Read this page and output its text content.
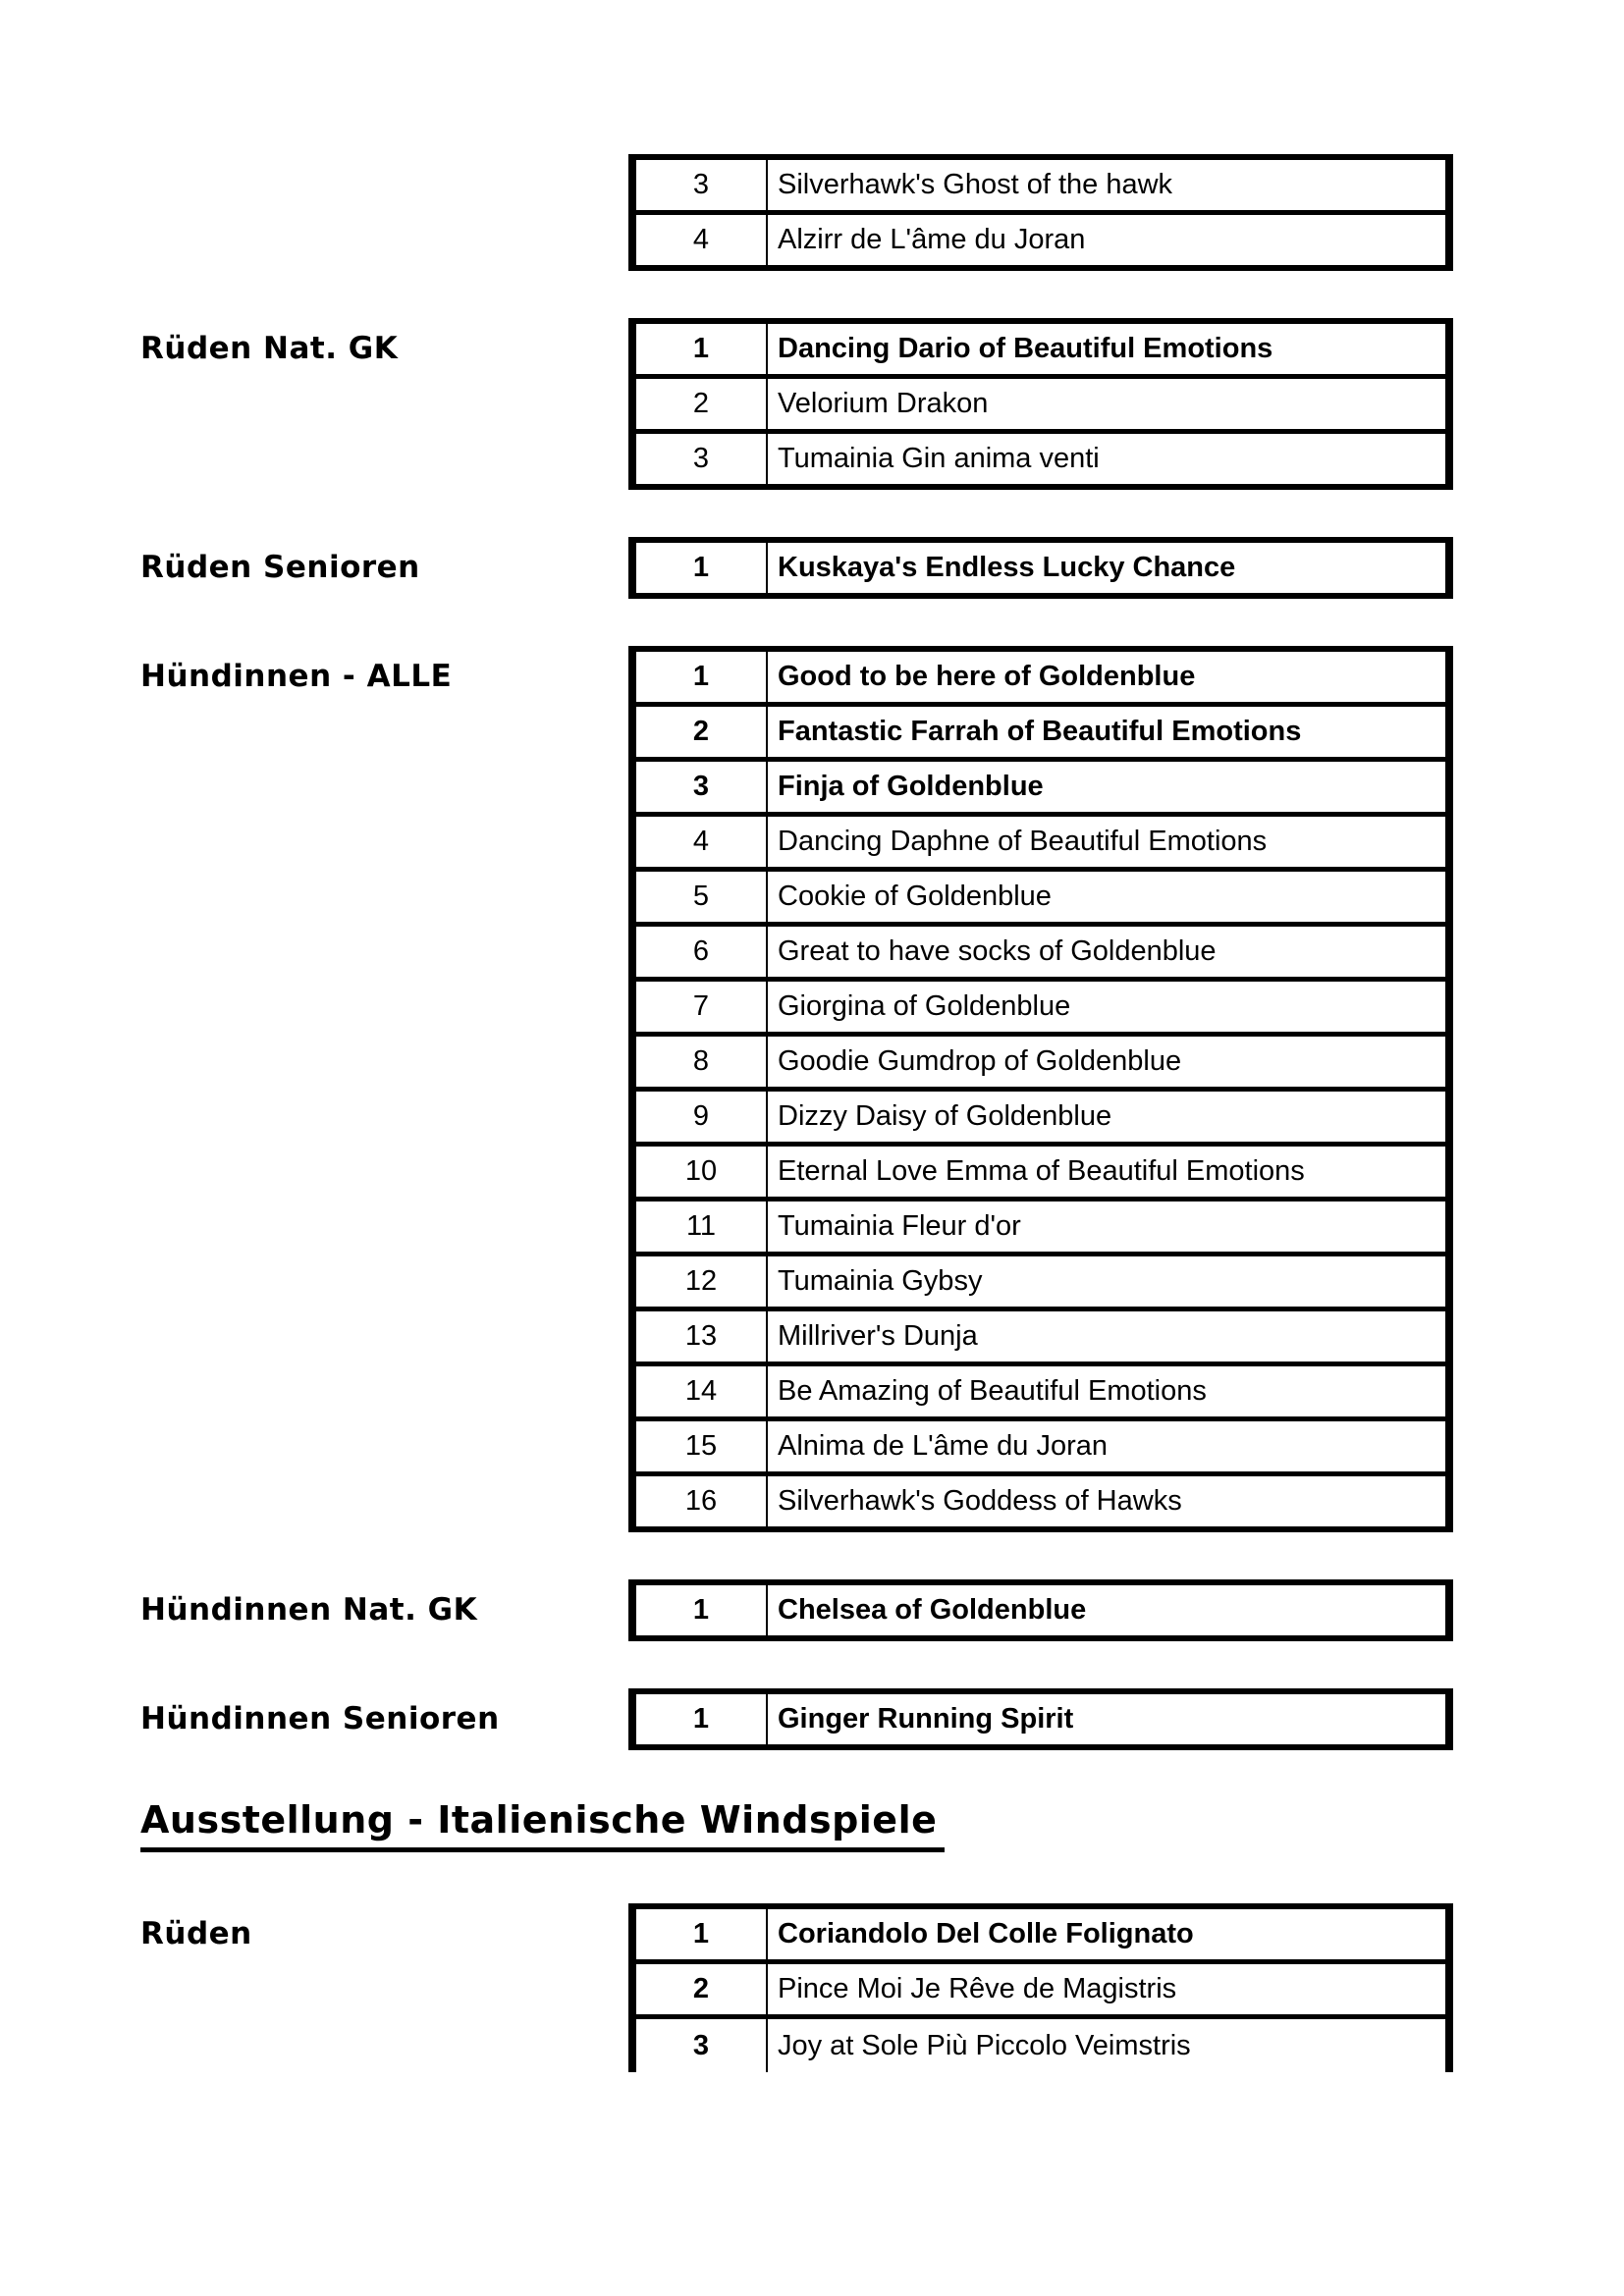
3	Silverhawk's Ghost of the hawk
4	Alzirr de L'âme du Joran
Rüden Nat. GK	1	Dancing Dario of Beautiful Emotions
2	Velorium Drakon
3	Tumainia Gin anima venti
Rüden Senioren	1	Kuskaya's Endless Lucky Chance
Hündinnen - ALLE	1	Good to be here of Goldenblue
2	Fantastic Farrah of Beautiful Emotions
3	Finja of Goldenblue
4	Dancing Daphne of Beautiful Emotions
5	Cookie of Goldenblue
6	Great to have socks of Goldenblue
7	Giorgina of Goldenblue
8	Goodie Gumdrop of Goldenblue
9	Dizzy Daisy of Goldenblue
10	Eternal Love Emma of Beautiful Emotions
11	Tumainia Fleur d'or
12	Tumainia Gybsy
13	Millriver's Dunja
14	Be Amazing of Beautiful Emotions
15	Alnima de L'âme du Joran
16	Silverhawk's Goddess of Hawks
Hündinnen Nat. GK	1	Chelsea of Goldenblue
Hündinnen Senioren	1	Ginger Running Spirit
Ausstellung - Italienische Windspiele
Rüden	1	Coriandolo Del Colle Folignato
2	Pince Moi Je Rêve de Magistris
3	Joy at Sole Più Piccolo Veimstris
